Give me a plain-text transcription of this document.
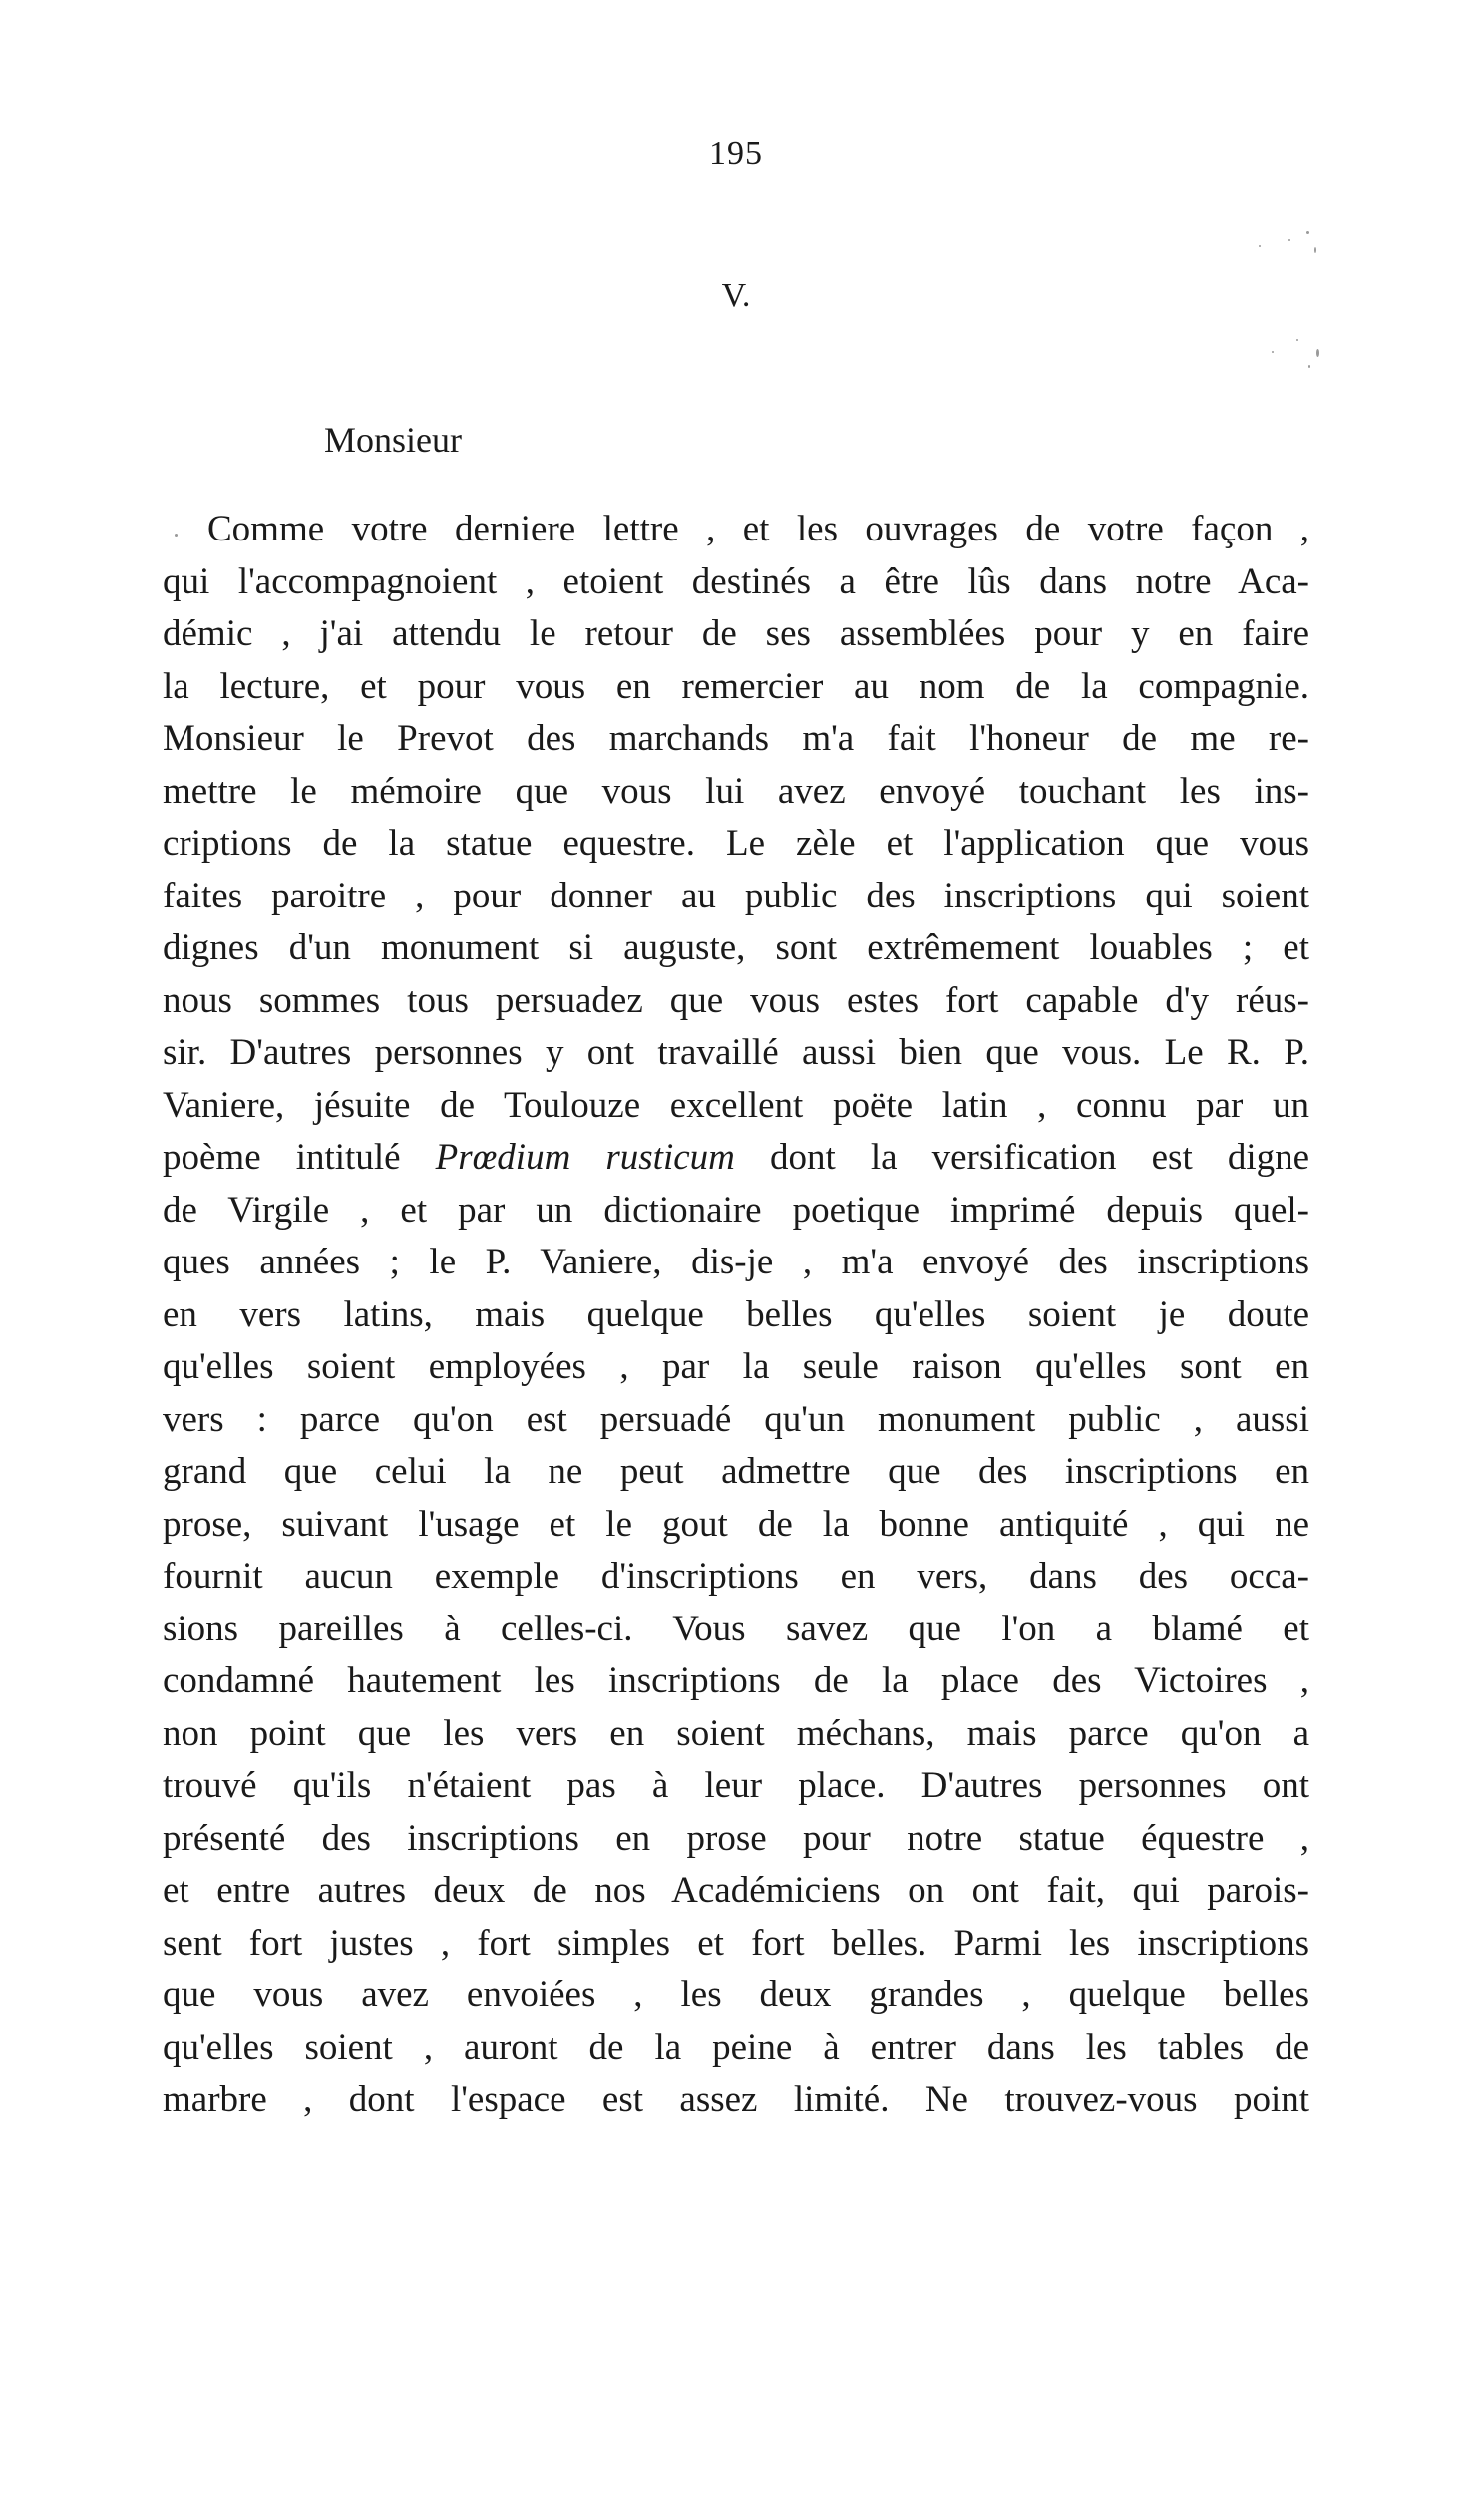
195
V.
Monsieur
Comme votre derniere lettre , et les ouvrages de votre façon ,
qui l'accompagnoient , etoient destinés a être lûs dans notre Aca-
démic , j'ai attendu le retour de ses assemblées pour y en faire
la lecture, et pour vous en remercier au nom de la compagnie.
Monsieur le Prevot des marchands m'a fait l'honeur de me re-
mettre le mémoire que vous lui avez envoyé touchant les ins-
criptions de la statue equestre. Le zèle et l'application que vous
faites paroitre , pour donner au public des inscriptions qui soient
dignes d'un monument si auguste, sont extrêmement louables ; et
nous sommes tous persuadez que vous estes fort capable d'y réus-
sir. D'autres personnes y ont travaillé aussi bien que vous. Le R. P.
Vaniere, jésuite de Toulouze excellent poëte latin , connu par un
poème intitulé Prœdium rusticum dont la versification est digne
de Virgile , et par un dictionaire poetique imprimé depuis quel-
ques années ; le P. Vaniere, dis-je , m'a envoyé des inscriptions
en vers latins, mais quelque belles qu'elles soient je doute
qu'elles soient employées , par la seule raison qu'elles sont en
vers : parce qu'on est persuadé qu'un monument public , aussi
grand que celui la ne peut admettre que des inscriptions en
prose, suivant l'usage et le gout de la bonne antiquité , qui ne
fournit aucun exemple d'inscriptions en vers, dans des occa-
sions pareilles à celles-ci. Vous savez que l'on a blamé et
condamné hautement les inscriptions de la place des Victoires ,
non point que les vers en soient méchans, mais parce qu'on a
trouvé qu'ils n'étaient pas à leur place. D'autres personnes ont
présenté des inscriptions en prose pour notre statue équestre ,
et entre autres deux de nos Académiciens on ont fait, qui parois-
sent fort justes , fort simples et fort belles. Parmi les inscriptions
que vous avez envoiées , les deux grandes , quelque belles
qu'elles soient , auront de la peine à entrer dans les tables de
marbre , dont l'espace est assez limité. Ne trouvez-vous point
